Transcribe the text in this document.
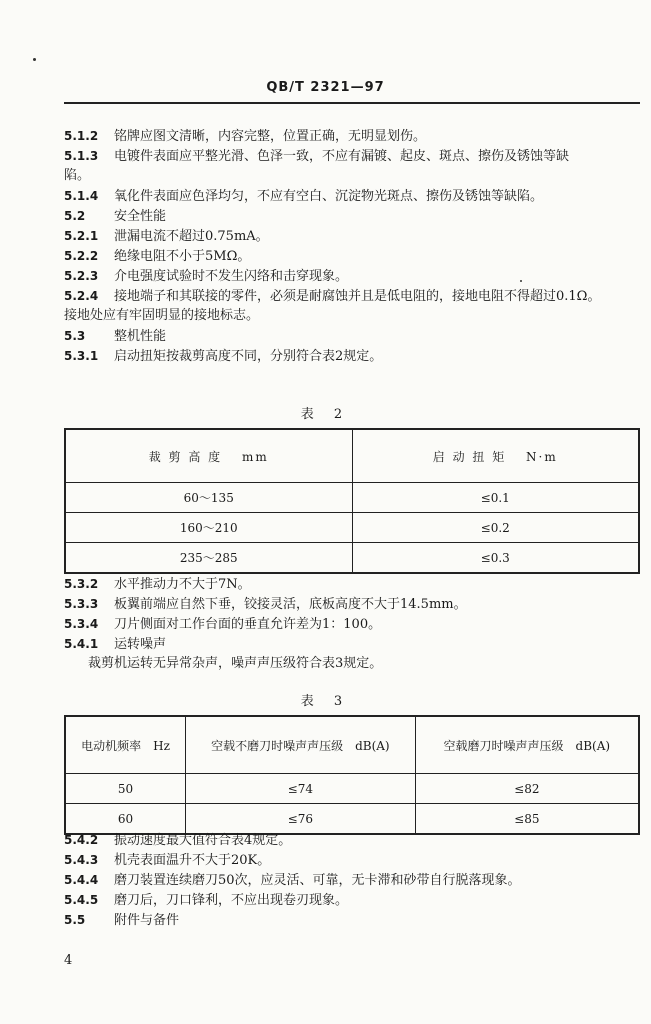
QB/T 2321—97
5.1.2 铭牌应图文清晰，内容完整，位置正确，无明显划伤。
5.1.3 电镀件表面应平整光滑、色泽一致，不应有漏镀、起皮、斑点、擦伤及锈蚀等缺
陷。
5.1.4 氧化件表面应色泽均匀，不应有空白、沉淀物光斑点、擦伤及锈蚀等缺陷。
5.2 安全性能
5.2.1 泄漏电流不超过0.75mA。
5.2.2 绝缘电阻不小于5MΩ。
5.2.3 介电强度试验时不发生闪络和击穿现象。
5.2.4 接地端子和其联接的零件，必须是耐腐蚀并且是低电阻的，接地电阻不得超过0.1Ω。
接地处应有牢固明显的接地标志。
5.3 整机性能
5.3.1 启动扭矩按裁剪高度不同，分别符合表2规定。
表 2
裁 剪 高 度　 mm	启 动 扭 矩　 N·m
60～135	≤0.1
160～210	≤0.2
235～285	≤0.3
5.3.2 水平推动力不大于7N。
5.3.3 板翼前端应自然下垂，铰接灵活，底板高度不大于14.5mm。
5.3.4 刀片侧面对工作台面的垂直允许差为1：100。
5.4.1 运转噪声
裁剪机运转无异常杂声，噪声声压级符合表3规定。
表 3
电动机频率　Hz	空载不磨刀时噪声声压级　dB(A)	空载磨刀时噪声声压级　dB(A)
50	≤74	≤82
60	≤76	≤85
5.4.2 振动速度最大值符合表4规定。
5.4.3 机壳表面温升不大于20K。
5.4.4 磨刀装置连续磨刀50次，应灵活、可靠，无卡滞和砂带自行脱落现象。
5.4.5 磨刀后，刀口锋利，不应出现卷刃现象。
5.5 附件与备件
4
